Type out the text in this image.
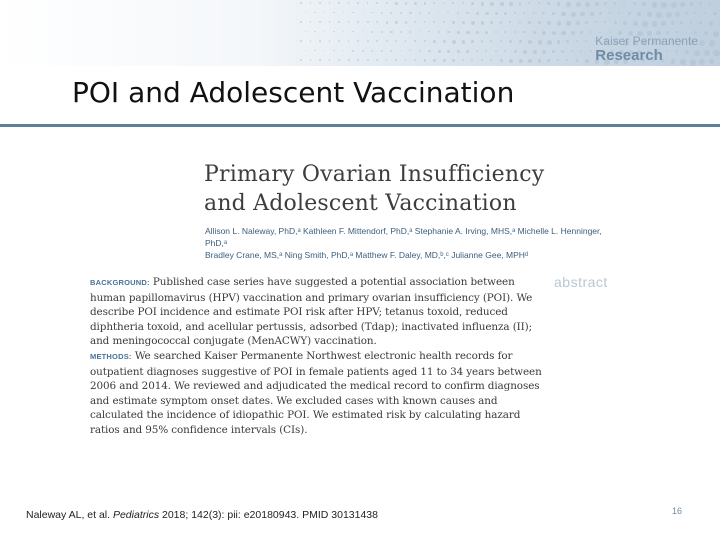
Kaiser Permanente
Research
POI and Adolescent Vaccination
Primary Ovarian Insufficiency
and Adolescent Vaccination
Allison L. Naleway, PhD,ᵃ Kathleen F. Mittendorf, PhD,ᵃ Stephanie A. Irving, MHS,ᵃ Michelle L. Henninger, PhD,ᵃ
Bradley Crane, MS,ᵃ Ning Smith, PhD,ᵃ Matthew F. Daley, MD,ᵇ,ᶜ Julianne Gee, MPHᵈ
abstract
BACKGROUND: Published case series have suggested a potential association between human papillomavirus (HPV) vaccination and primary ovarian insufficiency (POI). We describe POI incidence and estimate POI risk after HPV; tetanus toxoid, reduced diphtheria toxoid, and acellular pertussis, adsorbed (Tdap); inactivated influenza (II); and meningococcal conjugate (MenACWY) vaccination.
METHODS: We searched Kaiser Permanente Northwest electronic health records for outpatient diagnoses suggestive of POI in female patients aged 11 to 34 years between 2006 and 2014. We reviewed and adjudicated the medical record to confirm diagnoses and estimate symptom onset dates. We excluded cases with known causes and calculated the incidence of idiopathic POI. We estimated risk by calculating hazard ratios and 95% confidence intervals (CIs).
Naleway AL, et al. Pediatrics 2018; 142(3): pii: e20180943. PMID 30131438	16
